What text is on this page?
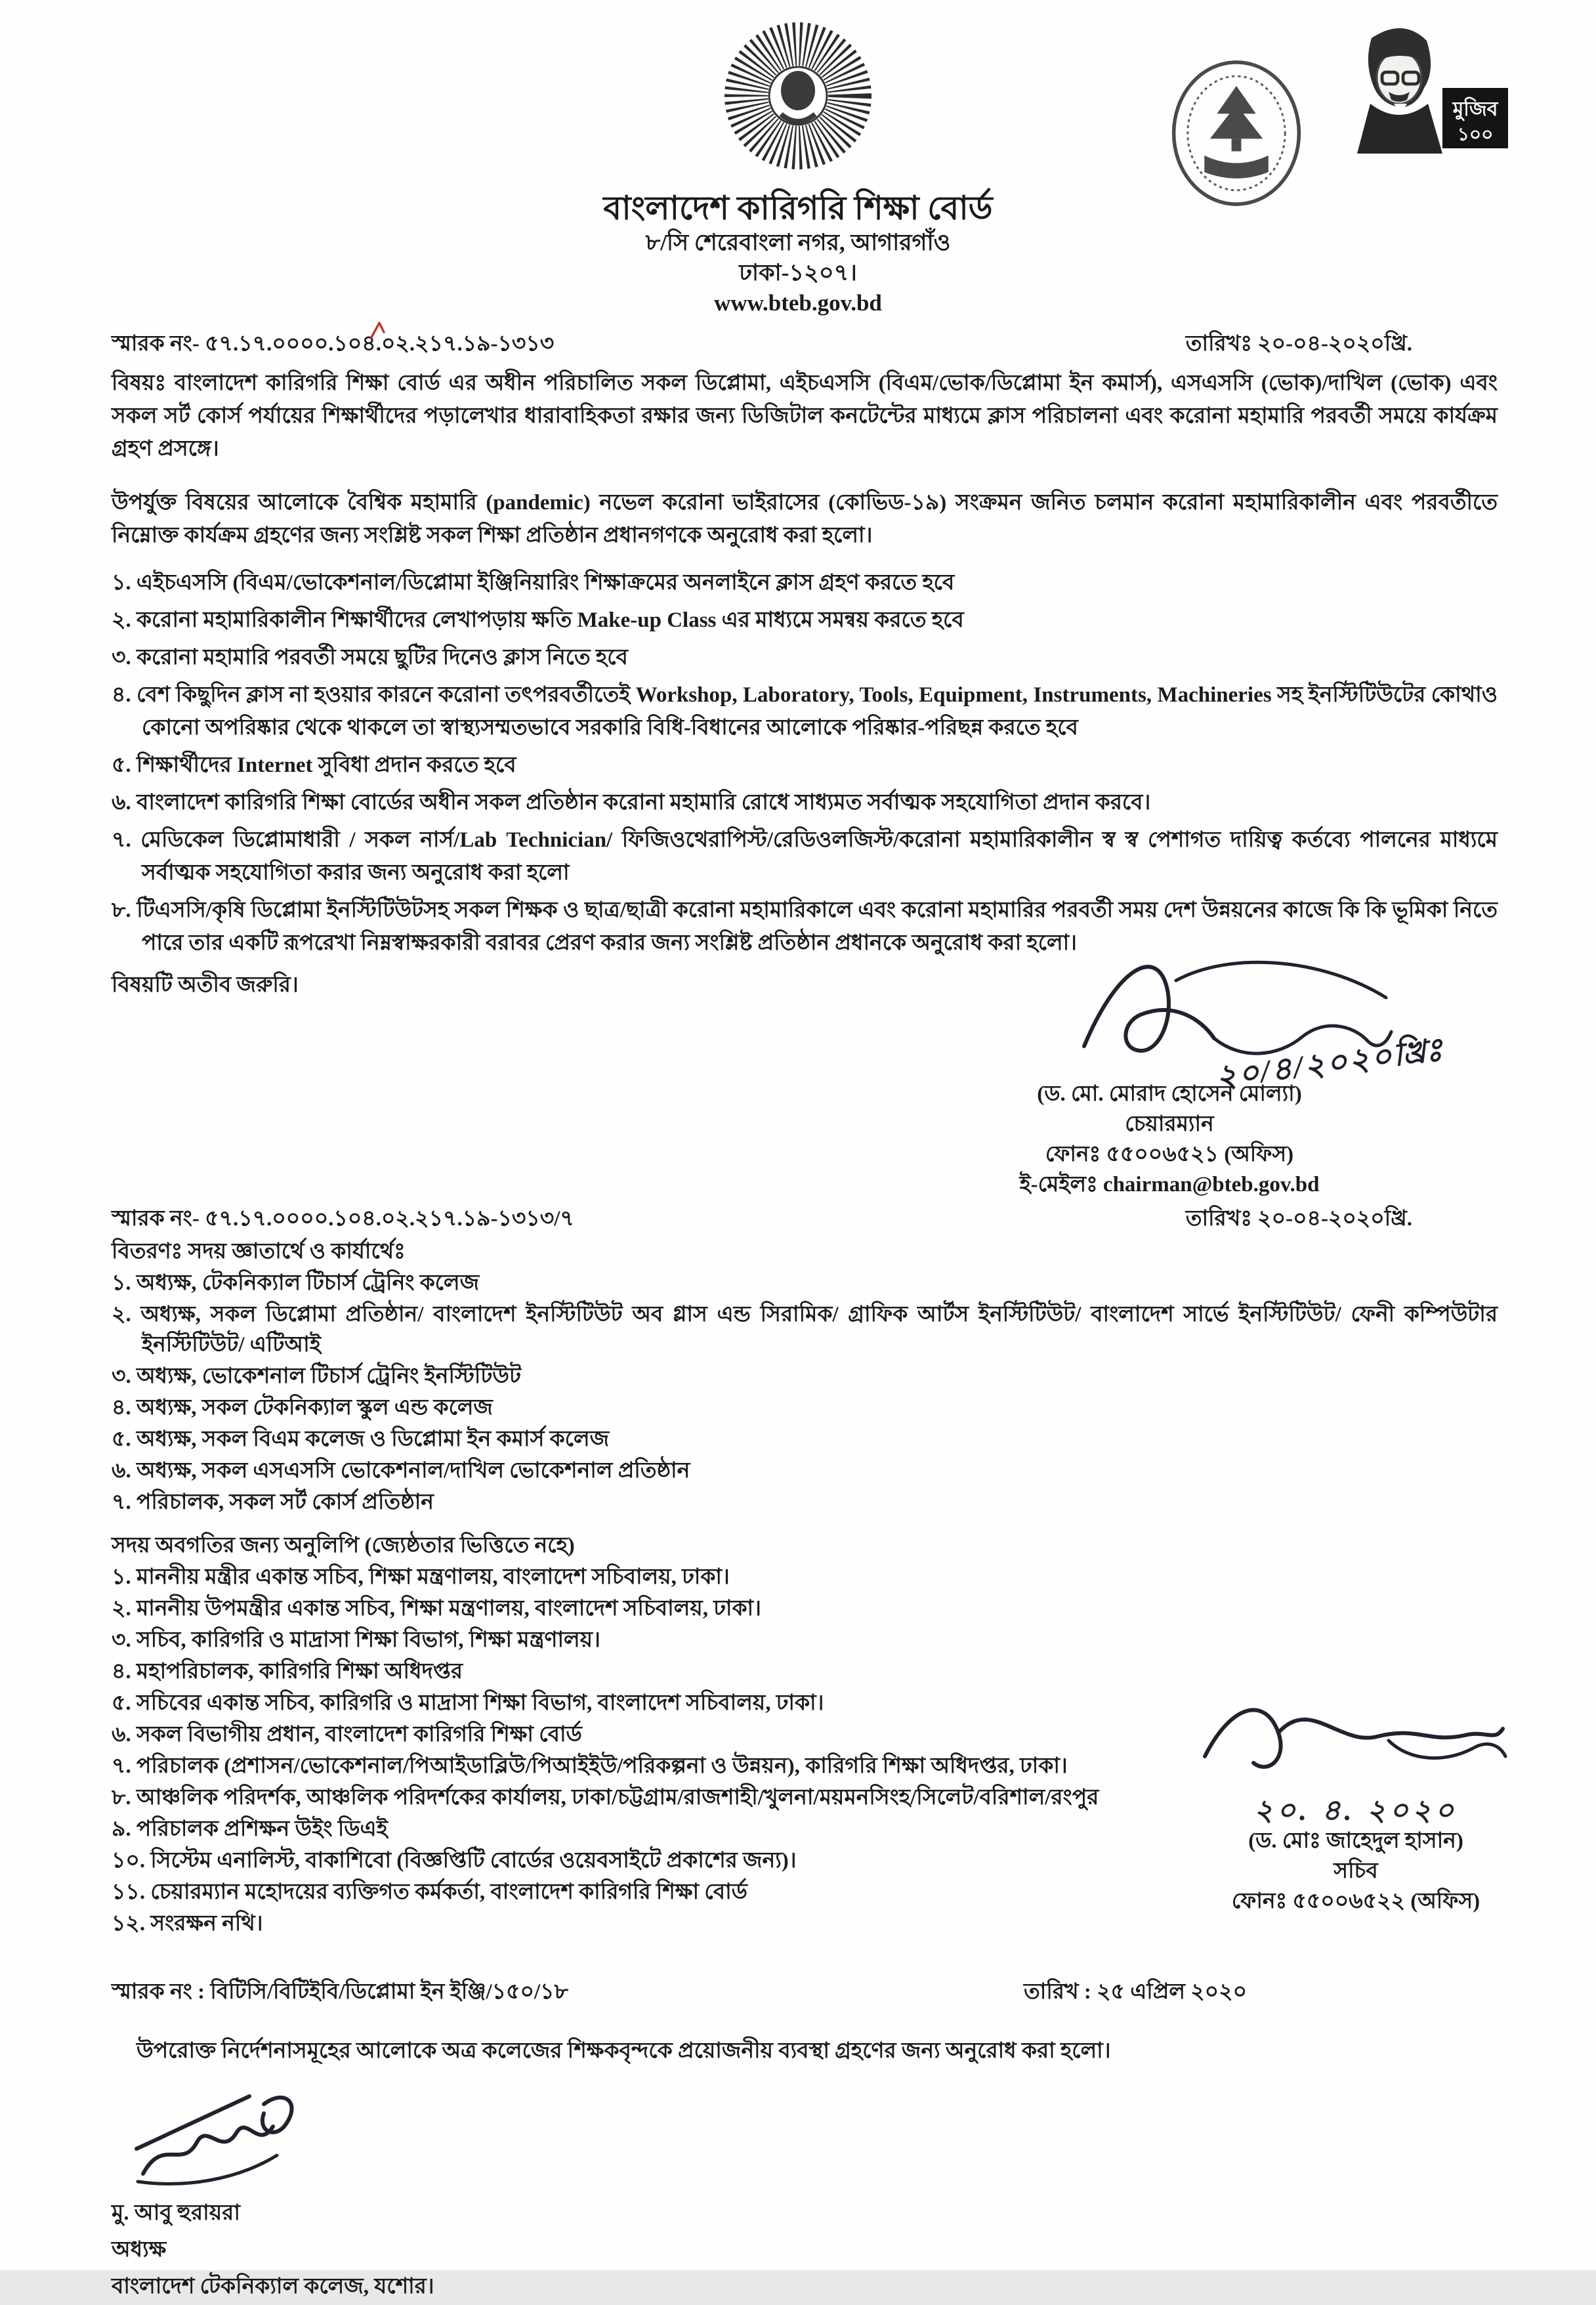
মুজিব
১০০
বাংলাদেশ কারিগরি শিক্ষা বোর্ড
৮/সি শেরেবাংলা নগর, আগারগাঁও
ঢাকা-১২০৭।
www.bteb.gov.bd
স্মারক নং- ৫৭.১৭.০০০০.১০৪.০২.২১৭.১৯-১৩১৩	তারিখঃ ২০-০৪-২০২০খ্রি.
বিষয়ঃ বাংলাদেশ কারিগরি শিক্ষা বোর্ড এর অধীন পরিচালিত সকল ডিপ্লোমা, এইচএসসি (বিএম/ভোক/ডিপ্লোমা ইন কমার্স), এসএসসি (ভোক)/দাখিল (ভোক) এবং সকল সর্ট কোর্স পর্যায়ের শিক্ষার্থীদের পড়ালেখার ধারাবাহিকতা রক্ষার জন্য ডিজিটাল কনটেন্টের মাধ্যমে ক্লাস পরিচালনা এবং করোনা মহামারি পরবর্তী সময়ে কার্যক্রম গ্রহণ প্রসঙ্গে।
উপর্যুক্ত বিষয়ের আলোকে বৈশ্বিক মহামারি (pandemic) নভেল করোনা ভাইরাসের (কোভিড-১৯) সংক্রমন জনিত চলমান করোনা মহামারিকালীন এবং পরবর্তীতে নিম্নোক্ত কার্যক্রম গ্রহণের জন্য সংশ্লিষ্ট সকল শিক্ষা প্রতিষ্ঠান প্রধানগণকে অনুরোধ করা হলো।
১. এইচএসসি (বিএম/ভোকেশনাল/ডিপ্লোমা ইঞ্জিনিয়ারিং শিক্ষাক্রমের অনলাইনে ক্লাস গ্রহণ করতে হবে
২. করোনা মহামারিকালীন শিক্ষার্থীদের লেখাপড়ায় ক্ষতি Make-up Class এর মাধ্যমে সমন্বয় করতে হবে
৩. করোনা মহামারি পরবর্তী সময়ে ছুটির দিনেও ক্লাস নিতে হবে
৪. বেশ কিছুদিন ক্লাস না হওয়ার কারনে করোনা তৎপরবর্তীতেই Workshop, Laboratory, Tools, Equipment, Instruments, Machineries সহ ইনস্টিটিউটের কোথাও কোনো অপরিষ্কার থেকে থাকলে তা স্বাস্থ্যসম্মতভাবে সরকারি বিধি-বিধানের আলোকে পরিষ্কার-পরিছন্ন করতে হবে
৫. শিক্ষার্থীদের Internet সুবিধা প্রদান করতে হবে
৬. বাংলাদেশ কারিগরি শিক্ষা বোর্ডের অধীন সকল প্রতিষ্ঠান করোনা মহামারি রোধে সাধ্যমত সর্বাত্মক সহযোগিতা প্রদান করবে।
৭. মেডিকেল ডিপ্লোমাধারী / সকল নার্স/Lab Technician/ ফিজিওথেরাপিস্ট/রেডিওলজিস্ট/করোনা মহামারিকালীন স্ব স্ব পেশাগত দায়িত্ব কর্তব্যে পালনের মাধ্যমে সর্বাত্মক সহযোগিতা করার জন্য অনুরোধ করা হলো
৮. টিএসসি/কৃষি ডিপ্লোমা ইনস্টিটিউটসহ সকল শিক্ষক ও ছাত্র/ছাত্রী করোনা মহামারিকালে এবং করোনা মহামারির পরবর্তী সময় দেশ উন্নয়নের কাজে কি কি ভূমিকা নিতে পারে তার একটি রূপরেখা নিম্নস্বাক্ষরকারী বরাবর প্রেরণ করার জন্য সংশ্লিষ্ট প্রতিষ্ঠান প্রধানকে অনুরোধ করা হলো।
বিষয়টি অতীব জরুরি।
২০/৪/২০২০খ্রিঃ
(ড. মো. মোরাদ হোসেন মোল্যা)
চেয়ারম্যান
ফোনঃ ৫৫০০৬৫২১ (অফিস)
ই-মেইলঃ chairman@bteb.gov.bd
স্মারক নং- ৫৭.১৭.০০০০.১০৪.০২.২১৭.১৯-১৩১৩/৭	তারিখঃ ২০-০৪-২০২০খ্রি.
বিতরণঃ সদয় জ্ঞাতার্থে ও কার্যার্থেঃ
১. অধ্যক্ষ, টেকনিক্যাল টিচার্স ট্রেনিং কলেজ
২. অধ্যক্ষ, সকল ডিপ্লোমা প্রতিষ্ঠান/ বাংলাদেশ ইনস্টিটিউট অব গ্লাস এন্ড সিরামিক/ গ্রাফিক আর্টস ইনস্টিটিউট/ বাংলাদেশ সার্ভে ইনস্টিটিউট/ ফেনী কম্পিউটার ইনস্টিটিউট/ এটিআই
৩. অধ্যক্ষ, ভোকেশনাল টিচার্স ট্রেনিং ইনস্টিটিউট
৪. অধ্যক্ষ, সকল টেকনিক্যাল স্কুল এন্ড কলেজ
৫. অধ্যক্ষ, সকল বিএম কলেজ ও ডিপ্লোমা ইন কমার্স কলেজ
৬. অধ্যক্ষ, সকল এসএসসি ভোকেশনাল/দাখিল ভোকেশনাল প্রতিষ্ঠান
৭. পরিচালক, সকল সর্ট কোর্স প্রতিষ্ঠান
সদয় অবগতির জন্য অনুলিপি (জ্যেষ্ঠতার ভিত্তিতে নহে)
১. মাননীয় মন্ত্রীর একান্ত সচিব, শিক্ষা মন্ত্রণালয়, বাংলাদেশ সচিবালয়, ঢাকা।
২. মাননীয় উপমন্ত্রীর একান্ত সচিব, শিক্ষা মন্ত্রণালয়, বাংলাদেশ সচিবালয়, ঢাকা।
৩. সচিব, কারিগরি ও মাদ্রাসা শিক্ষা বিভাগ, শিক্ষা মন্ত্রণালয়।
৪. মহাপরিচালক, কারিগরি শিক্ষা অধিদপ্তর
৫. সচিবের একান্ত সচিব, কারিগরি ও মাদ্রাসা শিক্ষা বিভাগ, বাংলাদেশ সচিবালয়, ঢাকা।
৬. সকল বিভাগীয় প্রধান, বাংলাদেশ কারিগরি শিক্ষা বোর্ড
৭. পরিচালক (প্রশাসন/ভোকেশনাল/পিআইডাব্লিউ/পিআইইউ/পরিকল্পনা ও উন্নয়ন), কারিগরি শিক্ষা অধিদপ্তর, ঢাকা।
৮. আঞ্চলিক পরিদর্শক, আঞ্চলিক পরিদর্শকের কার্যালয়, ঢাকা/চট্টগ্রাম/রাজশাহী/খুলনা/ময়মনসিংহ/সিলেট/বরিশাল/রংপুর
৯. পরিচালক প্রশিক্ষন উইং ডিএই
১০. সিস্টেম এনালিস্ট, বাকাশিবো (বিজ্ঞপ্তিটি বোর্ডের ওয়েবসাইটে প্রকাশের জন্য)।
১১. চেয়ারম্যান মহোদয়ের ব্যক্তিগত কর্মকর্তা, বাংলাদেশ কারিগরি শিক্ষা বোর্ড
১২. সংরক্ষন নথি।
স্মারক নং : বিটিসি/বিটিইবি/ডিপ্লোমা ইন ইঞ্জি/১৫০/১৮	তারিখ : ২৫ এপ্রিল ২০২০
উপরোক্ত নির্দেশনাসমূহের আলোকে অত্র কলেজের শিক্ষকবৃন্দকে প্রয়োজনীয় ব্যবস্থা গ্রহণের জন্য অনুরোধ করা হলো।
মু. আবু হুরায়রা
অধ্যক্ষ
বাংলাদেশ টেকনিক্যাল কলেজ, যশোর।
২০. ৪. ২০২০
(ড. মোঃ জাহেদুল হাসান)
সচিব
ফোনঃ ৫৫০০৬৫২২ (অফিস)
